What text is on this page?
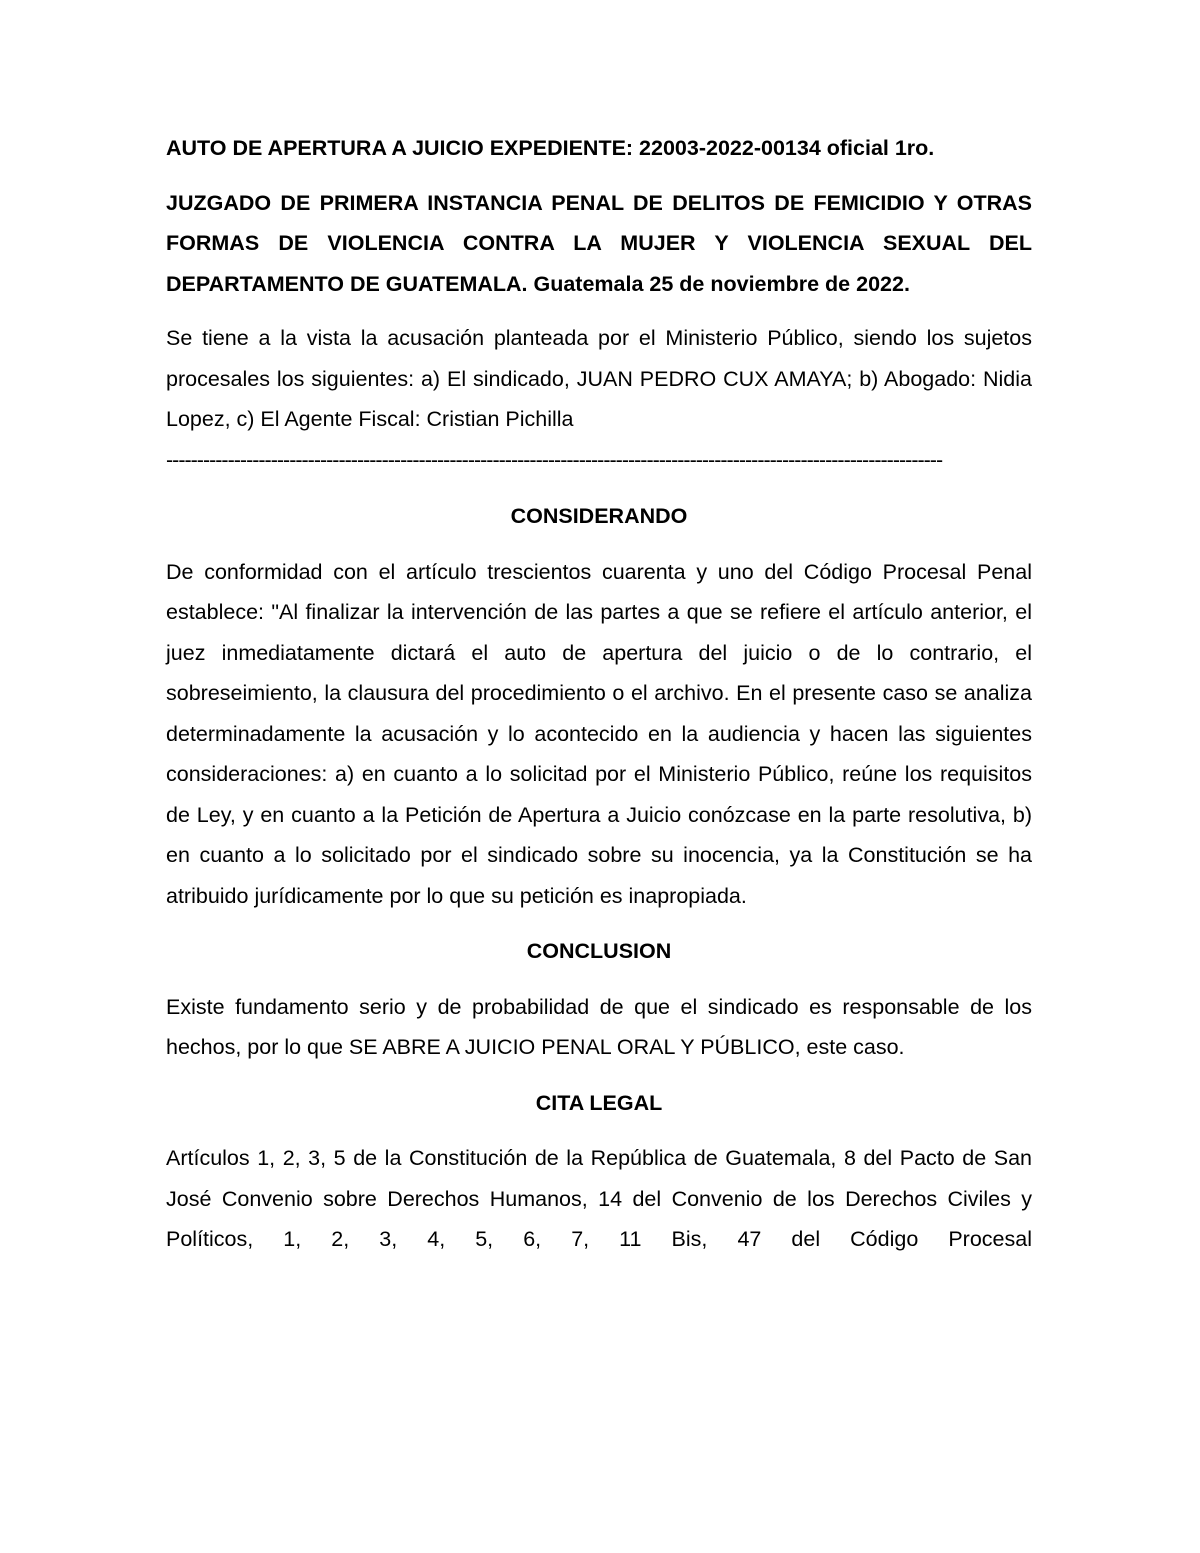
AUTO DE APERTURA A JUICIO EXPEDIENTE: 22003-2022-00134 oficial 1ro.

JUZGADO DE PRIMERA INSTANCIA PENAL DE DELITOS DE FEMICIDIO Y OTRAS FORMAS DE VIOLENCIA CONTRA LA MUJER Y VIOLENCIA SEXUAL DEL DEPARTAMENTO DE GUATEMALA. Guatemala 25 de noviembre de 2022.

Se tiene a la vista la acusación planteada por el Ministerio Público, siendo los sujetos procesales los siguientes: a) El sindicado, JUAN PEDRO CUX AMAYA; b) Abogado: Nidia Lopez, c) El Agente Fiscal: Cristian Pichilla
------------------------------------------------------------------------------------------------------------------------------

CONSIDERANDO

De conformidad con el artículo trescientos cuarenta y uno del Código Procesal Penal establece: "Al finalizar la intervención de las partes a que se refiere el artículo anterior, el juez inmediatamente dictará el auto de apertura del juicio o de lo contrario, el sobreseimiento, la clausura del procedimiento o el archivo. En el presente caso se analiza determinadamente la acusación y lo acontecido en la audiencia y hacen las siguientes consideraciones: a) en cuanto a lo solicitad por el Ministerio Público, reúne los requisitos de Ley, y en cuanto a la Petición de Apertura a Juicio conózcase en la parte resolutiva, b) en cuanto a lo solicitado por el sindicado sobre su inocencia, ya la Constitución se ha atribuido jurídicamente por lo que su petición es inapropiada.

CONCLUSION

Existe fundamento serio y de probabilidad de que el sindicado es responsable de los hechos, por lo que SE ABRE A JUICIO PENAL ORAL Y PÚBLICO, este caso.

CITA LEGAL

Artículos 1, 2, 3, 5 de la Constitución de la República de Guatemala, 8 del Pacto de San José Convenio sobre Derechos Humanos, 14 del Convenio de los Derechos Civiles y Políticos, 1, 2, 3, 4, 5, 6, 7, 11 Bis, 47 del Código Procesal
